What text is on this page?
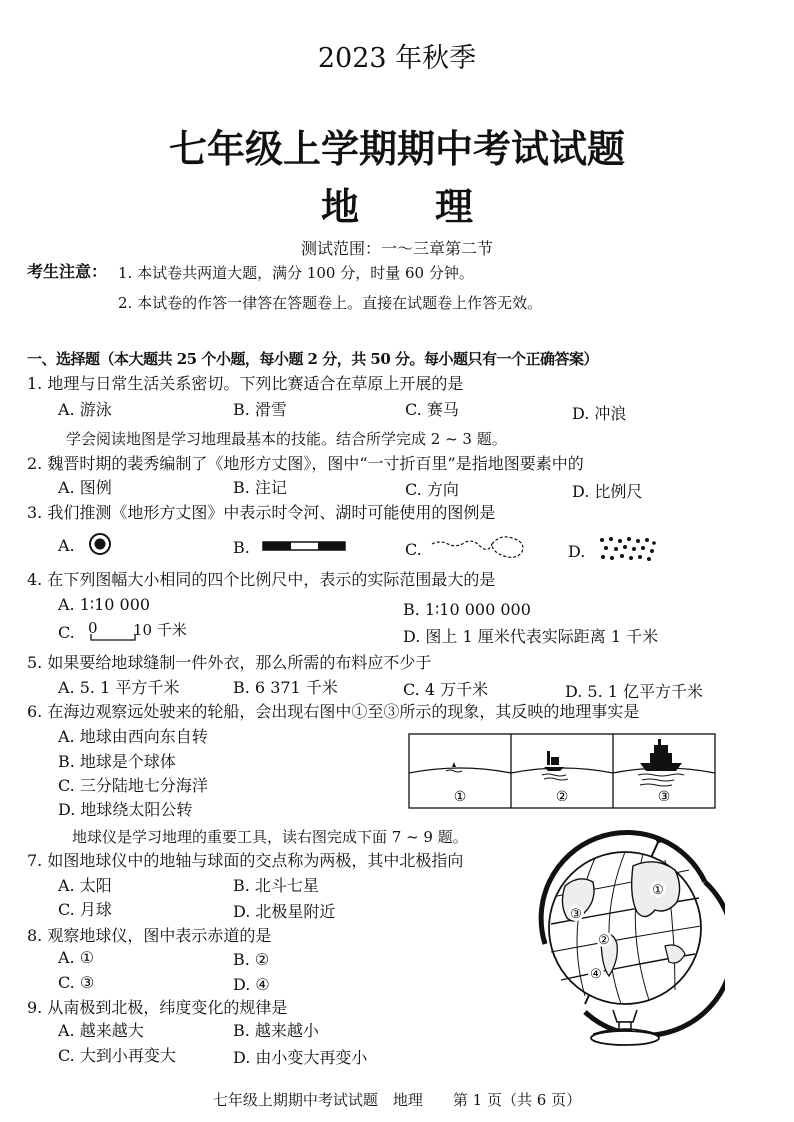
2023 年秋季
七年级上学期期中考试试题
地　　理
测试范围：一～三章第二节
考生注意： 1. 本试卷共两道大题，满分 100 分，时量 60 分钟。
2. 本试卷的作答一律答在答题卷上。直接在试题卷上作答无效。
一、选择题（本大题共 25 个小题，每小题 2 分，共 50 分。每小题只有一个正确答案）
1. 地理与日常生活关系密切。下列比赛适合在草原上开展的是
A. 游泳	B. 滑雪	C. 赛马	D. 冲浪
学会阅读地图是学习地理最基本的技能。结合所学完成 2 ~ 3 题。
2. 魏晋时期的裴秀编制了《地形方丈图》，图中“一寸折百里”是指地图要素中的
A. 图例	B. 注记	C. 方向	D. 比例尺
3. 我们推测《地形方丈图》中表示时令河、湖时可能使用的图例是
A.	B.	C.	D.
4. 在下列图幅大小相同的四个比例尺中，表示的实际范围最大的是
A. 1∶10 000	B. 1∶10 000 000
C. 0 10 千米	D. 图上 1 厘米代表实际距离 1 千米
5. 如果要给地球缝制一件外衣，那么所需的布料应不少于
A. 5. 1 平方千米	B. 6 371 千米	C. 4 万千米	D. 5. 1 亿平方千米
6. 在海边观察远处驶来的轮船，会出现右图中①至③所示的现象，其反映的地理事实是
A. 地球由西向东自转
B. 地球是个球体
C. 三分陆地七分海洋
D. 地球绕太阳公转
①	②	③
地球仪是学习地理的重要工具，读右图完成下面 7 ~ 9 题。
7. 如图地球仪中的地轴与球面的交点称为两极，其中北极指向
A. 太阳	B. 北斗七星
C. 月球	D. 北极星附近
8. 观察地球仪，图中表示赤道的是
A. ①	B. ②
C. ③	D. ④
9. 从南极到北极，纬度变化的规律是
A. 越来越大	B. 越来越小
C. 大到小再变大	D. 由小变大再变小
①
②
③
④
七年级上期期中考试试题　地理　　第 1 页（共 6 页）
